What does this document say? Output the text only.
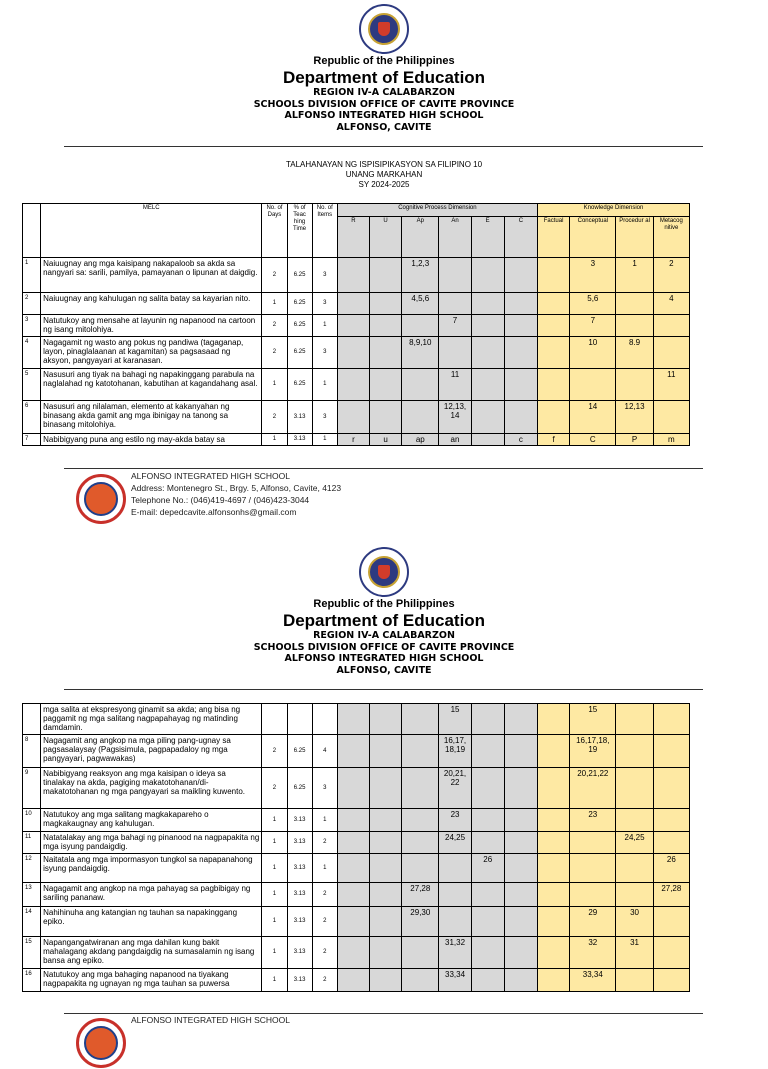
Republic of the Philippines
Department of Education
REGION IV-A CALABARZON
SCHOOLS DIVISION OFFICE OF CAVITE PROVINCE
ALFONSO INTEGRATED HIGH SCHOOL
ALFONSO, CAVITE
TALAHANAYAN NG ISPISIPIKASYON SA FILIPINO 10
UNANG MARKAHAN
SY 2024-2025
	MELC	No. of Days	% of Teac hing Time	No. of Items	Cognitive Process Dimension						Knowledge Dimension			
					R	U	Ap	An	E	C	Factual	Conceptual	Procedur al	Metacog nitive
1	Naiuugnay ang mga kaisipang nakapaloob sa akda sa nangyari sa: sarili, pamilya, pamayanan o lipunan at daigdig.	2	6.25	3			1,2,3					3	1	2
2	Naiuugnay ang kahulugan ng salita batay sa kayarian nito.	1	6.25	3			4,5,6					5,6		4
3	Natutukoy ang mensahe at layunin ng napanood na cartoon ng isang mitolohiya.	2	6.25	1				7				7		
4	Nagagamit ng wasto ang pokus ng pandiwa (tagaganap, layon, pinaglalaanan at kagamitan) sa pagsasaad ng aksyon, pangyayari at karanasan.	2	6.25	3			8,9,10					10	8.9	
5	Nasusuri ang tiyak na bahagi ng napakinggang parabula na naglalahad ng katotohanan, kabutihan at kagandahang asal.	1	6.25	1				11						11
6	Nasusuri ang nilalaman, elemento at kakanyahan ng binasang akda gamit ang mga ibinigay na tanong sa binasang mitolohiya.	2	3.13	3				12,13, 14				14	12,13	
7	Nabibigyang puna ang estilo ng may-akda batay sa	1	3.13	1	r	u	ap	an		c	f	C	P	m
ALFONSO INTEGRATED HIGH SCHOOL
Address: Montenegro St., Brgy. 5, Alfonso, Cavite, 4123
Telephone No.: (046)419-4697 / (046)423-3044
E-mail: depedcavite.alfonsonhs@gmail.com
Republic of the Philippines
Department of Education
REGION IV-A CALABARZON
SCHOOLS DIVISION OFFICE OF CAVITE PROVINCE
ALFONSO INTEGRATED HIGH SCHOOL
ALFONSO, CAVITE
	mga salita at ekspresyong ginamit sa akda; ang bisa ng paggamit ng mga salitang nagpapahayag ng matinding damdamin.							15				15		
8	Nagagamit ang angkop na mga piling pang-ugnay sa pagsasalaysay (Pagsisimula, pagpapadaloy ng mga pangyayari, pagwawakas)	2	6.25	4				16,17, 18,19				16,17,18, 19		
9	Nabibigyang reaksyon ang mga kaisipan o ideya sa tinalakay na akda, pagiging makatotohanan/di-makatotohanan ng mga pangyayari sa maikling kuwento.	2	6.25	3				20,21, 22				20,21,22		
10	Natutukoy ang mga salitang magkakapareho o magkakaugnay ang kahulugan.	1	3.13	1				23				23		
11	Natatalakay ang mga bahagi ng pinanood na nagpapakita ng mga isyung pandaigdig.	1	3.13	2				24,25					24,25	
12	Naitatala ang mga impormasyon tungkol sa napapanahong isyung pandaigdig.	1	3.13	1					26					26
13	Nagagamit ang angkop na mga pahayag sa pagbibigay ng sariling pananaw.	1	3.13	2			27,28							27,28
14	Nahihinuha ang katangian ng tauhan sa napakinggang epiko.	1	3.13	2			29,30					29	30	
15	Napangangatwiranan ang mga dahilan kung bakit mahalagang akdang pangdaigdig na sumasalamin ng isang bansa ang epiko.	1	3.13	2				31,32				32	31	
16	Natutukoy ang mga bahaging napanood na tiyakang nagpapakita ng ugnayan ng mga tauhan sa puwersa	1	3.13	2				33,34				33,34		
ALFONSO INTEGRATED HIGH SCHOOL
